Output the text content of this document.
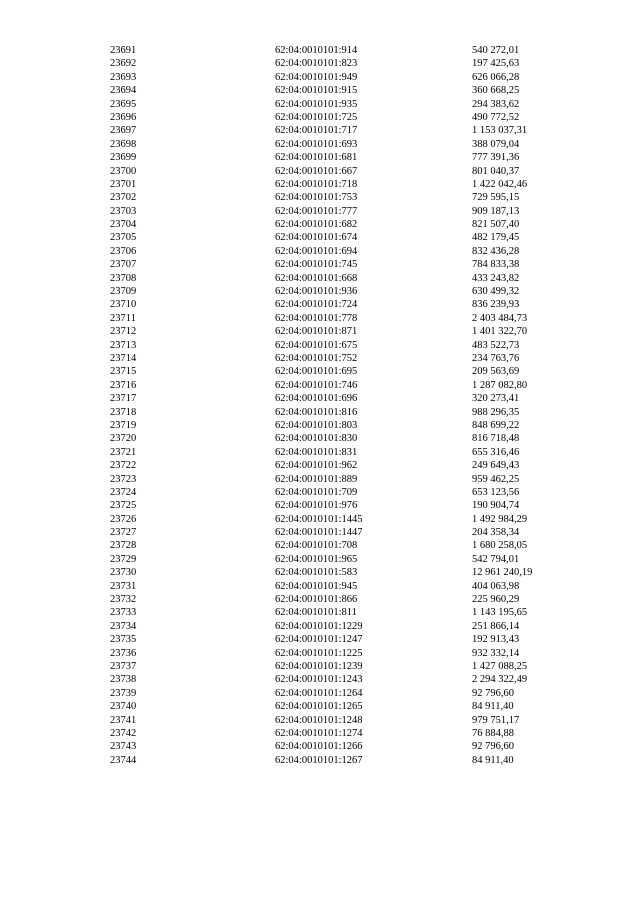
23691	62:04:0010101:914	540 272,01
23692	62:04:0010101:823	197 425,63
23693	62:04:0010101:949	626 066,28
23694	62:04:0010101:915	360 668,25
23695	62:04:0010101:935	294 383,62
23696	62:04:0010101:725	490 772,52
23697	62:04:0010101:717	1 153 037,31
23698	62:04:0010101:693	388 079,04
23699	62:04:0010101:681	777 391,36
23700	62:04:0010101:667	801 040,37
23701	62:04:0010101:718	1 422 042,46
23702	62:04:0010101:753	729 595,15
23703	62:04:0010101:777	909 187,13
23704	62:04:0010101:682	821 507,40
23705	62:04:0010101:674	482 179,45
23706	62:04:0010101:694	832 436,28
23707	62:04:0010101:745	784 833,38
23708	62:04:0010101:668	433 243,82
23709	62:04:0010101:936	630 499,32
23710	62:04:0010101:724	836 239,93
23711	62:04:0010101:778	2 403 484,73
23712	62:04:0010101:871	1 401 322,70
23713	62:04:0010101:675	483 522,73
23714	62:04:0010101:752	234 763,76
23715	62:04:0010101:695	209 563,69
23716	62:04:0010101:746	1 287 082,80
23717	62:04:0010101:696	320 273,41
23718	62:04:0010101:816	988 296,35
23719	62:04:0010101:803	848 699,22
23720	62:04:0010101:830	816 718,48
23721	62:04:0010101:831	655 316,46
23722	62:04:0010101:962	249 649,43
23723	62:04:0010101:889	959 462,25
23724	62:04:0010101:709	653 123,56
23725	62:04:0010101:976	190 904,74
23726	62:04:0010101:1445	1 492 984,29
23727	62:04:0010101:1447	204 358,34
23728	62:04:0010101:708	1 680 258,05
23729	62:04:0010101:965	542 794,01
23730	62:04:0010101:583	12 961 240,19
23731	62:04:0010101:945	404 063,98
23732	62:04:0010101:866	225 960,29
23733	62:04:0010101:811	1 143 195,65
23734	62:04:0010101:1229	251 866,14
23735	62:04:0010101:1247	192 913,43
23736	62:04:0010101:1225	932 332,14
23737	62:04:0010101:1239	1 427 088,25
23738	62:04:0010101:1243	2 294 322,49
23739	62:04:0010101:1264	92 796,60
23740	62:04:0010101:1265	84 911,40
23741	62:04:0010101:1248	979 751,17
23742	62:04:0010101:1274	76 884,88
23743	62:04:0010101:1266	92 796,60
23744	62:04:0010101:1267	84 911,40
